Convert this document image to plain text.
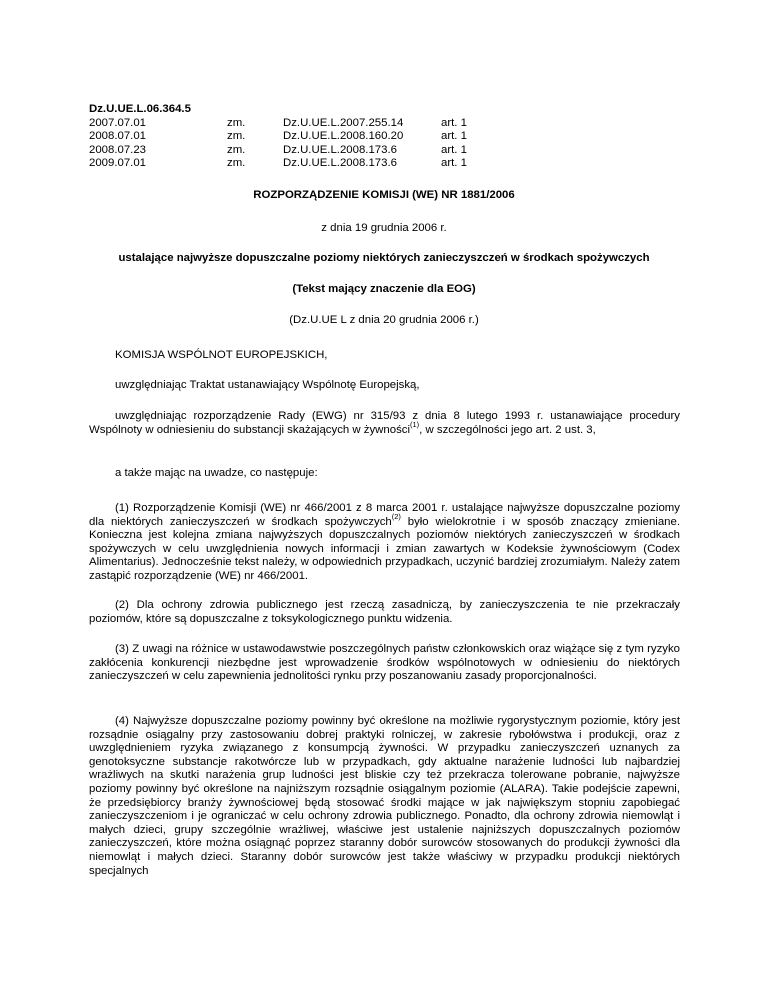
Dz.U.UE.L.06.364.5
2007.07.01	zm.	Dz.U.UE.L.2007.255.14	art. 1
2008.07.01	zm.	Dz.U.UE.L.2008.160.20	art. 1
2008.07.23	zm.	Dz.U.UE.L.2008.173.6	art. 1
2009.07.01	zm.	Dz.U.UE.L.2008.173.6	art. 1
ROZPORZĄDZENIE KOMISJI (WE) NR 1881/2006
z dnia 19 grudnia 2006 r.
ustalające najwyższe dopuszczalne poziomy niektórych zanieczyszczeń w środkach spożywczych
(Tekst mający znaczenie dla EOG)
(Dz.U.UE L z dnia 20 grudnia 2006 r.)

KOMISJA WSPÓLNOT EUROPEJSKICH,

uwzględniając Traktat ustanawiający Wspólnotę Europejską,

uwzględniając rozporządzenie Rady (EWG) nr 315/93 z dnia 8 lutego 1993 r. ustanawiające procedury Wspólnoty w odniesieniu do substancji skażających w żywności$^{(1)}$, w szczególności jego art. 2 ust. 3,

a także mając na uwadze, co następuje:

(1) Rozporządzenie Komisji (WE) nr 466/2001 z 8 marca 2001 r. ustalające najwyższe dopuszczalne poziomy dla niektórych zanieczyszczeń w środkach spożywczych$^{(2)}$ było wielokrotnie i w sposób znaczący zmieniane. Konieczna jest kolejna zmiana najwyższych dopuszczalnych poziomów niektórych zanieczyszczeń w środkach spożywczych w celu uwzględnienia nowych informacji i zmian zawartych w Kodeksie żywnościowym (Codex Alimentarius). Jednocześnie tekst należy, w odpowiednich przypadkach, uczynić bardziej zrozumiałym. Należy zatem zastąpić rozporządzenie (WE) nr 466/2001.

(2) Dla ochrony zdrowia publicznego jest rzeczą zasadniczą, by zanieczyszczenia te nie przekraczały poziomów, które są dopuszczalne z toksykologicznego punktu widzenia.

(3) Z uwagi na różnice w ustawodawstwie poszczególnych państw członkowskich oraz wiążące się z tym ryzyko zakłócenia konkurencji niezbędne jest wprowadzenie środków wspólnotowych w odniesieniu do niektórych zanieczyszczeń w celu zapewnienia jednolitości rynku przy poszanowaniu zasady proporcjonalności.

(4) Najwyższe dopuszczalne poziomy powinny być określone na możliwie rygorystycznym poziomie, który jest rozsądnie osiągalny przy zastosowaniu dobrej praktyki rolniczej, w zakresie rybołówstwa i produkcji, oraz z uwzględnieniem ryzyka związanego z konsumpcją żywności. W przypadku zanieczyszczeń uznanych za genotoksyczne substancje rakotwórcze lub w przypadkach, gdy aktualne narażenie ludności lub najbardziej wrażliwych na skutki narażenia grup ludności jest bliskie czy też przekracza tolerowane pobranie, najwyższe poziomy powinny być określone na najniższym rozsądnie osiągalnym poziomie (ALARA). Takie podejście zapewni, że przedsiębiorcy branży żywnościowej będą stosować środki mające w jak największym stopniu zapobiegać zanieczyszczeniom i je ograniczać w celu ochrony zdrowia publicznego. Ponadto, dla ochrony zdrowia niemowląt i małych dzieci, grupy szczególnie wrażliwej, właściwe jest ustalenie najniższych dopuszczalnych poziomów zanieczyszczeń, które można osiągnąć poprzez staranny dobór surowców stosowanych do produkcji żywności dla niemowląt i małych dzieci. Staranny dobór surowców jest także właściwy w przypadku produkcji niektórych specjalnych
